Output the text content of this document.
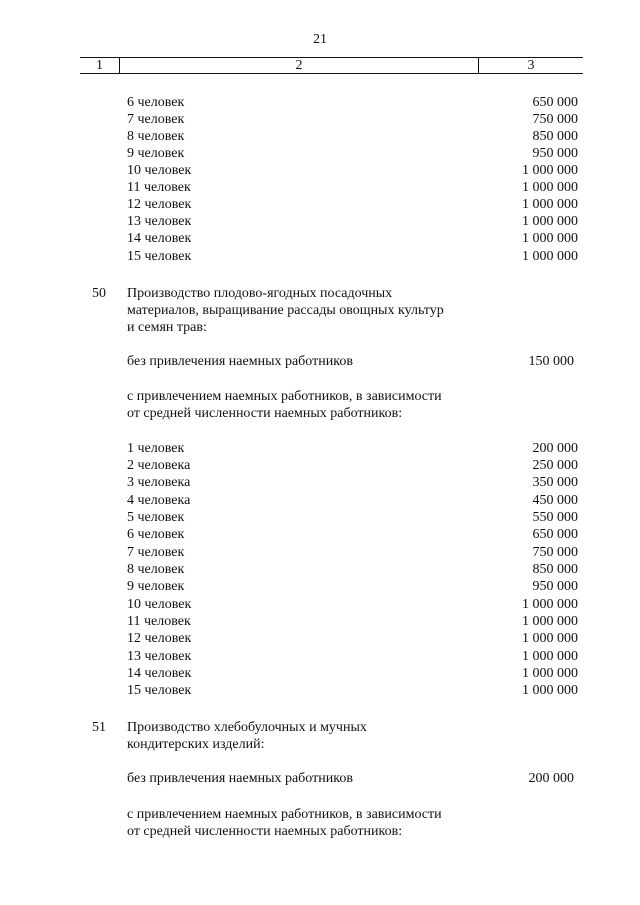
21
1	2	3
6 человек	650 000
7 человек	750 000
8 человек	850 000
9 человек	950 000
10 человек	1 000 000
11 человек	1 000 000
12 человек	1 000 000
13 человек	1 000 000
14 человек	1 000 000
15 человек	1 000 000
50 Производство плодово-ягодных посадочных
материалов, выращивание рассады овощных культур
и семян трав:
без привлечения наемных работников	150 000
с привлечением наемных работников, в зависимости
от средней численности наемных работников:
1 человек	200 000
2 человека	250 000
3 человека	350 000
4 человека	450 000
5 человек	550 000
6 человек	650 000
7 человек	750 000
8 человек	850 000
9 человек	950 000
10 человек	1 000 000
11 человек	1 000 000
12 человек	1 000 000
13 человек	1 000 000
14 человек	1 000 000
15 человек	1 000 000
51 Производство хлебобулочных и мучных
кондитерских изделий:
без привлечения наемных работников	200 000
с привлечением наемных работников, в зависимости
от средней численности наемных работников:
